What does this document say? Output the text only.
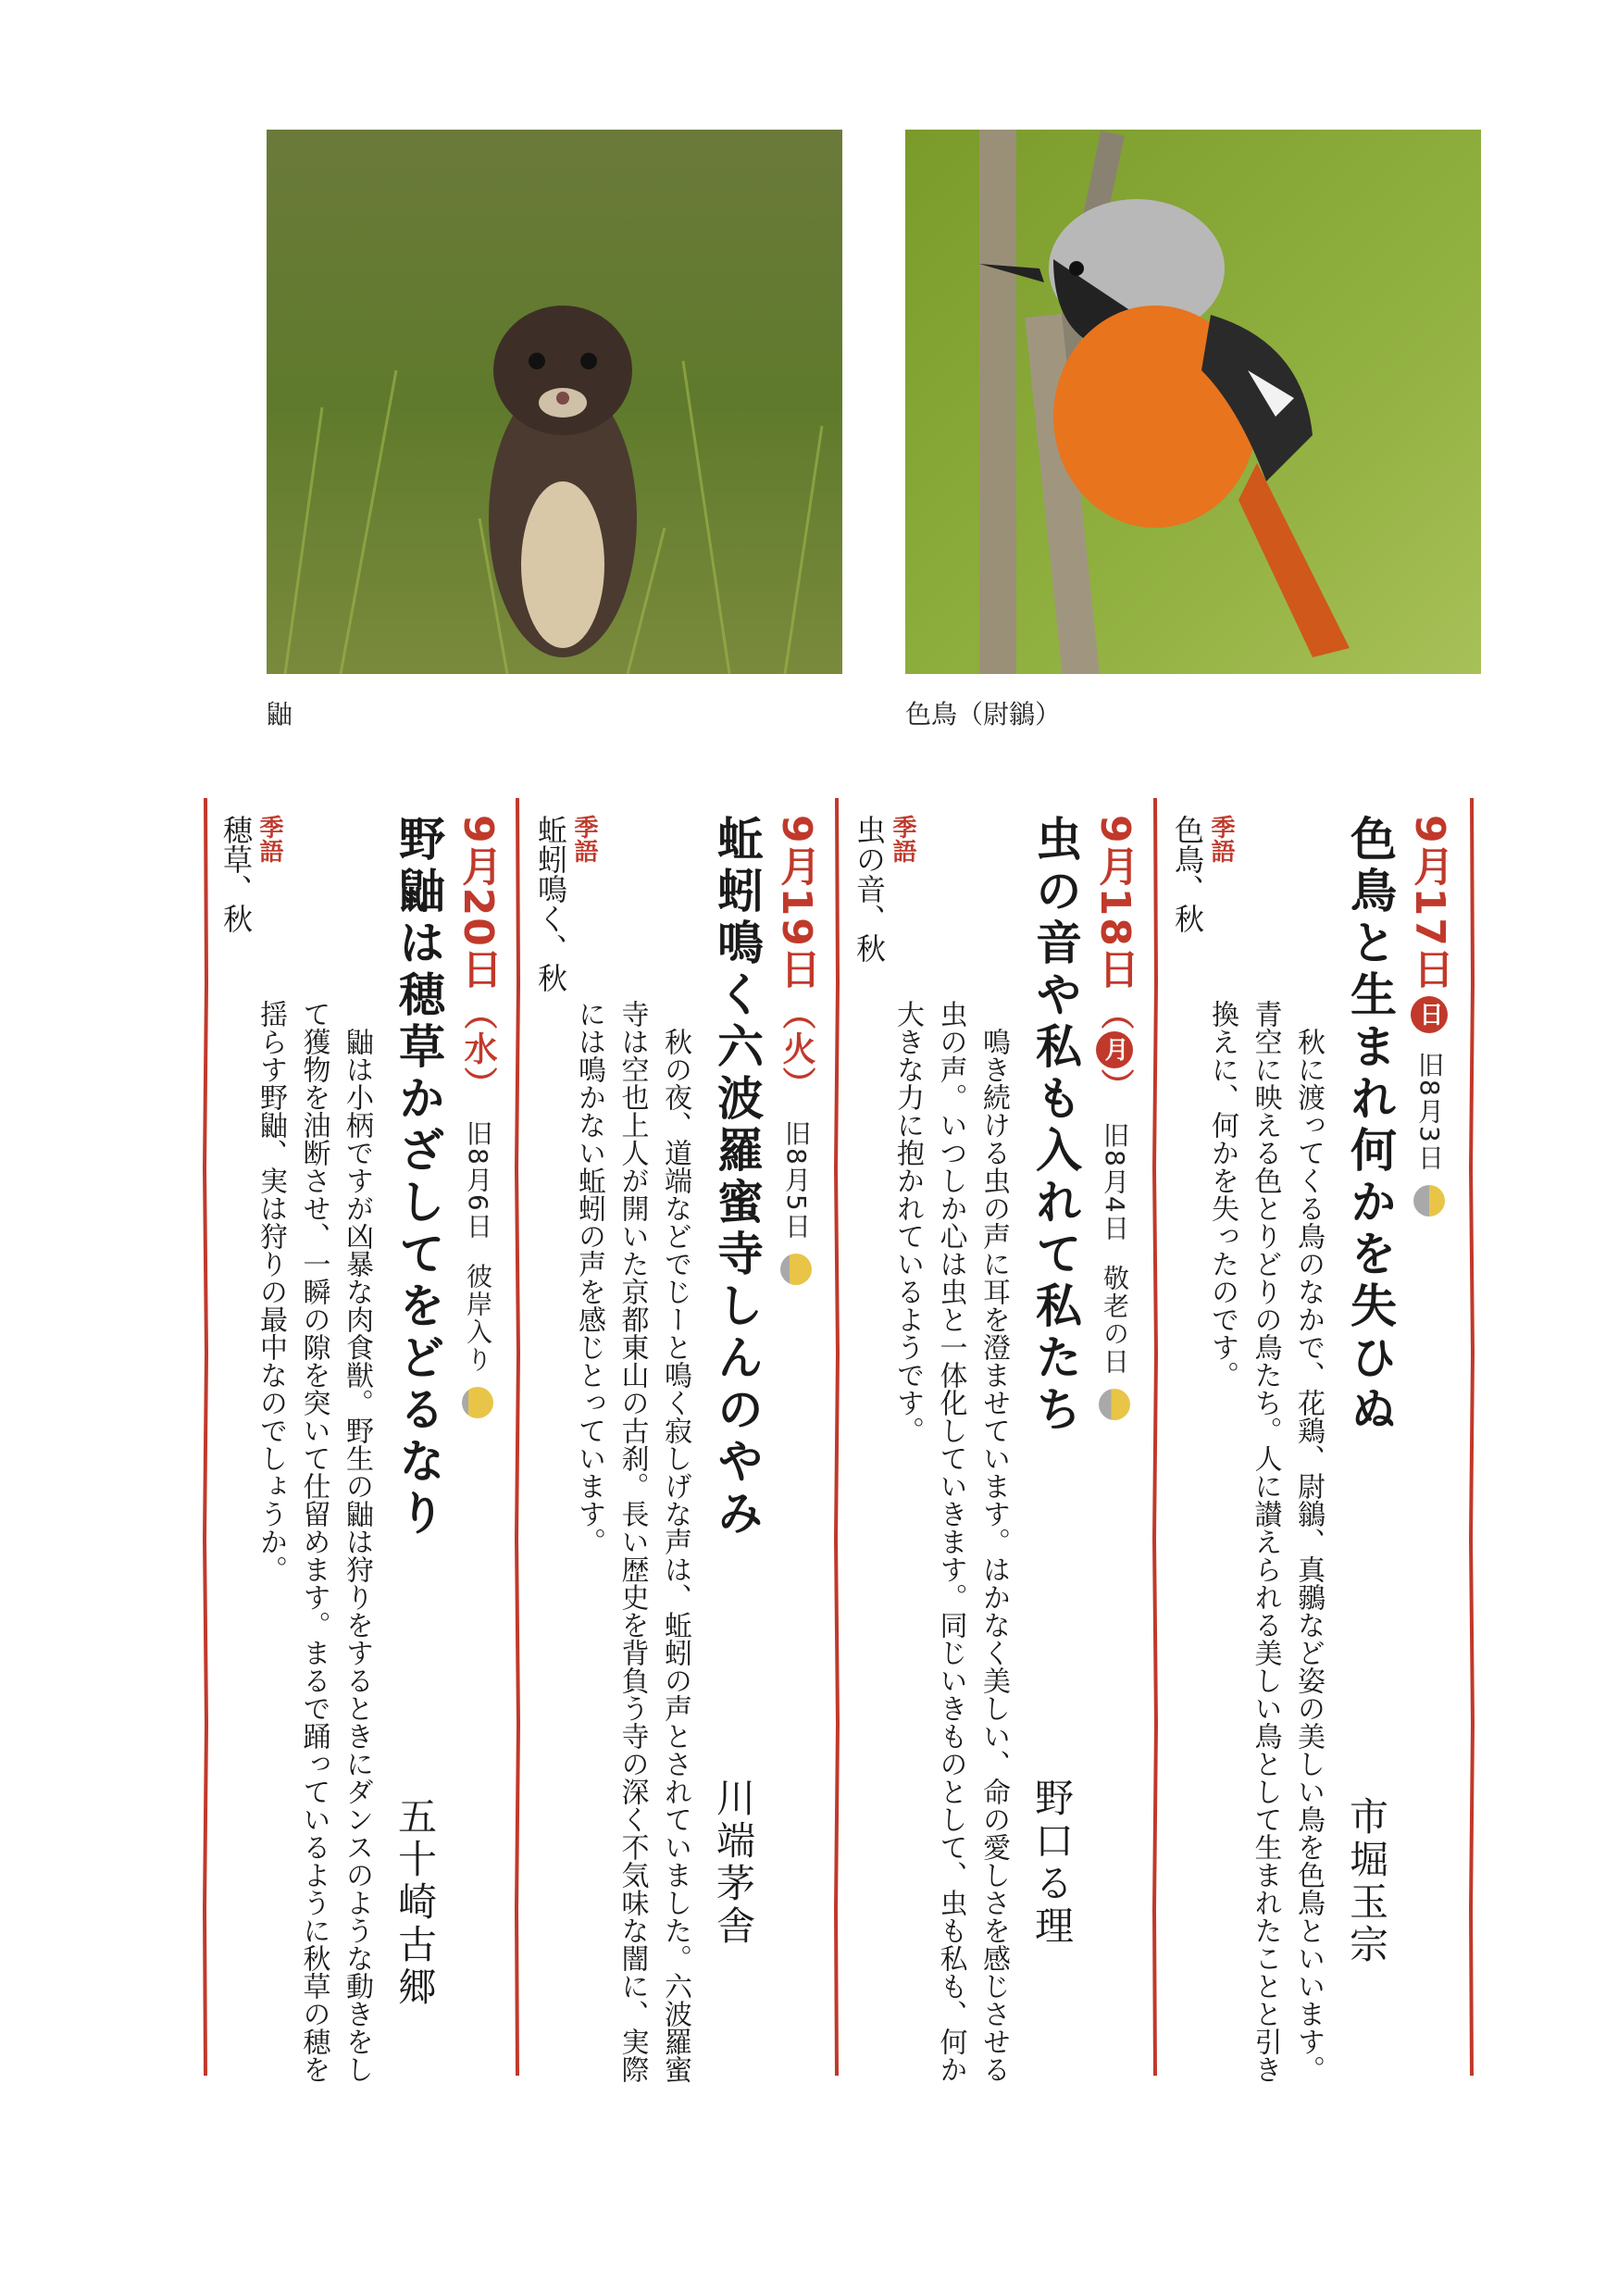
鼬	色鳥（尉鶲）
9月17日日旧8月3日
色鳥と生まれ何かを失ひぬ
市堀玉宗

秋に渡ってくる鳥のなかで、花鶏、尉鶲、真鶸など姿の美しい鳥を色鳥といいます。青空に映える色とりどりの鳥たち。人に讃えられる美しい鳥として生まれたことと引き換えに、何かを失ったのです。

季語
色鳥、秋
9月18日（月）旧8月4日敬老の日
虫の音や私も入れて私たち
野口る理

鳴き続ける虫の声に耳を澄ませています。はかなく美しい、命の愛しさを感じさせる虫の声。いつしか心は虫と一体化していきます。同じいきものとして、虫も私も、何か大きな力に抱かれているようです。

季語
虫の音、秋
9月19日（火）旧8月5日
蚯蚓鳴く六波羅蜜寺しんのやみ
川端茅舎

秋の夜、道端などでじーと鳴く寂しげな声は、蚯蚓の声とされていました。六波羅蜜寺は空也上人が開いた京都東山の古刹。長い歴史を背負う寺の深く不気味な闇に、実際には鳴かない蚯蚓の声を感じとっています。

季語
蚯蚓鳴く、秋
9月20日（水）旧8月6日彼岸入り
野鼬は穂草かざしてをどるなり
五十崎古郷

鼬は小柄ですが凶暴な肉食獣。野生の鼬は狩りをするときにダンスのような動きをして獲物を油断させ、一瞬の隙を突いて仕留めます。まるで踊っているように秋草の穂を揺らす野鼬、実は狩りの最中なのでしょうか。

季語
穂草、秋
